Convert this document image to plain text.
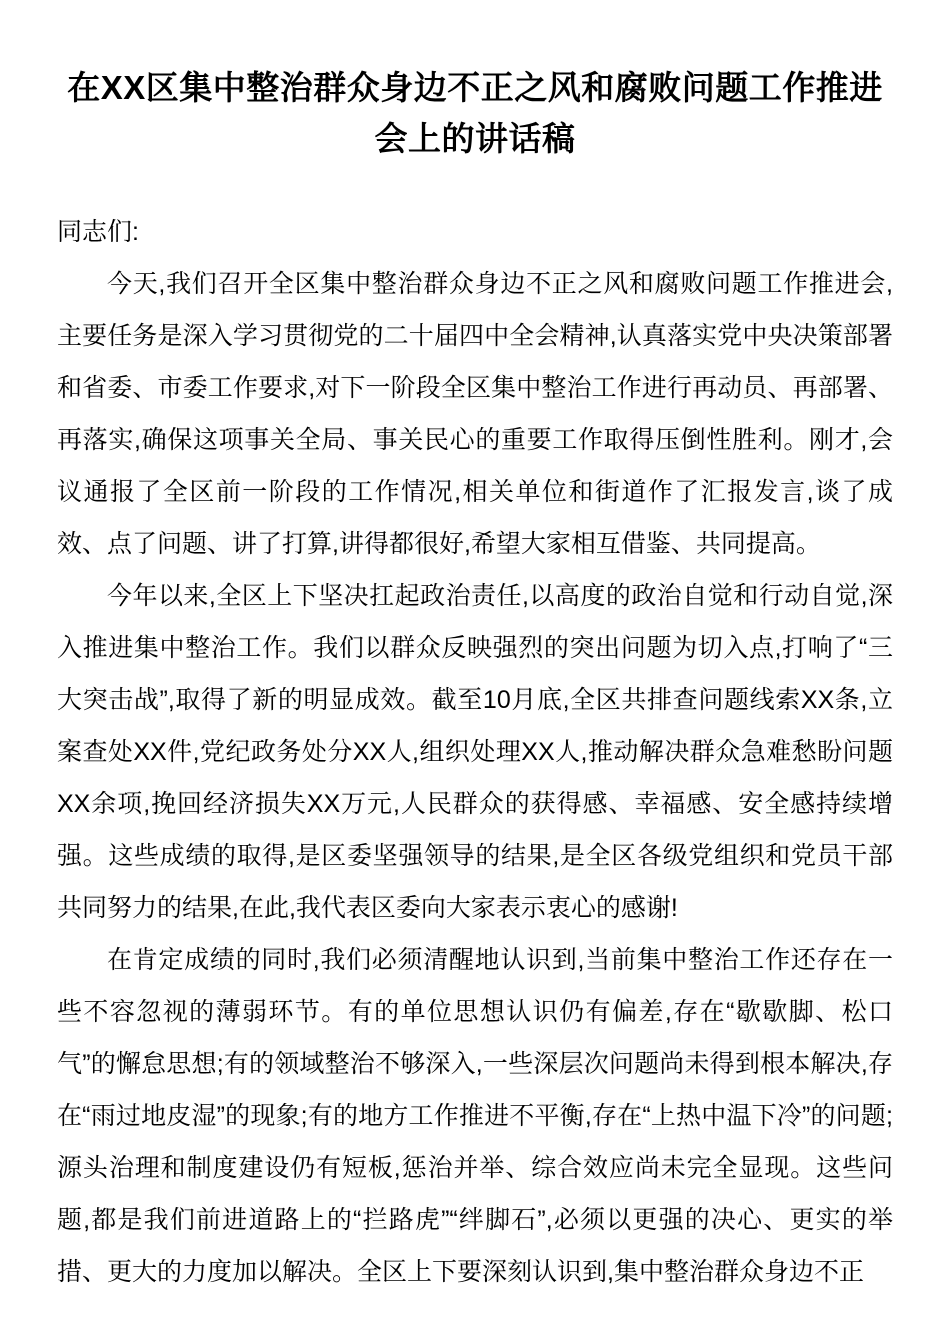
在XX区集中整治群众身边不正之风和腐败问题工作推进会上的讲话稿

同志们:

今天,我们召开全区集中整治群众身边不正之风和腐败问题工作推进会,主要任务是深入学习贯彻党的二十届四中全会精神,认真落实党中央决策部署和省委、市委工作要求,对下一阶段全区集中整治工作进行再动员、再部署、再落实,确保这项事关全局、事关民心的重要工作取得压倒性胜利。刚才,会议通报了全区前一阶段的工作情况,相关单位和街道作了汇报发言,谈了成效、点了问题、讲了打算,讲得都很好,希望大家相互借鉴、共同提高。

今年以来,全区上下坚决扛起政治责任,以高度的政治自觉和行动自觉,深入推进集中整治工作。我们以群众反映强烈的突出问题为切入点,打响了“三大突击战”,取得了新的明显成效。截至10月底,全区共排查问题线索XX条,立案查处XX件,党纪政务处分XX人,组织处理XX人,推动解决群众急难愁盼问题XX余项,挽回经济损失XX万元,人民群众的获得感、幸福感、安全感持续增强。这些成绩的取得,是区委坚强领导的结果,是全区各级党组织和党员干部共同努力的结果,在此,我代表区委向大家表示衷心的感谢!

在肯定成绩的同时,我们必须清醒地认识到,当前集中整治工作还存在一些不容忽视的薄弱环节。有的单位思想认识仍有偏差,存在“歇歇脚、松口气”的懈怠思想;有的领域整治不够深入,一些深层次问题尚未得到根本解决,存在“雨过地皮湿”的现象;有的地方工作推进不平衡,存在“上热中温下冷”的问题;源头治理和制度建设仍有短板,惩治并举、综合效应尚未完全显现。这些问题,都是我们前进道路上的“拦路虎”“绊脚石”,必须以更强的决心、更实的举措、更大的力度加以解决。全区上下要深刻认识到,集中整治群众身边不正
